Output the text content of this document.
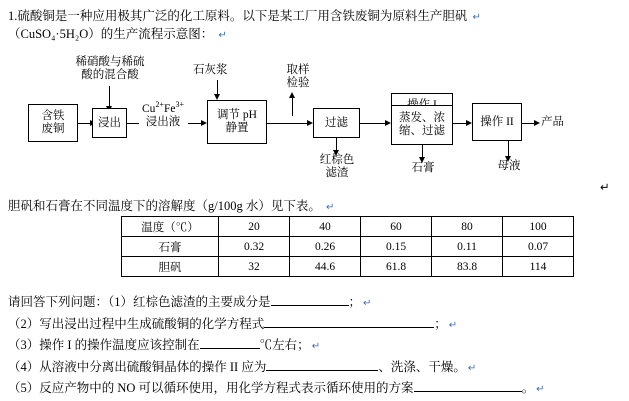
1.硫酸铜是一种应用极其广泛的化工原料。以下是某工厂用含铁废铜为原料生产胆矾 ↵
（CuSO₄·5H₂O）的生产流程示意图： ↵
稀硝酸与稀硫
酸的混合酸
含铁
废铜
浸出
$Cu^{2+}Fe^{3+}$
浸出液
石灰浆
调节 pH
静置
取样
检验
过滤
红棕色
滤渣
蒸发、浓
缩、过滤
石膏
操作 II 产品
母液
↵
胆矾和石膏在不同温度下的溶解度（g/100g 水）见下表。 ↵
温度（℃）	20	40	60	80	100
石膏	0.32	0.26	0.15	0.11	0.07
胆矾	32	44.6	61.8	83.8	114
请回答下列问题：（1）红棕色滤渣的主要成分是	； ↵
（2）写出浸出过程中生成硫酸铜的化学方程式	； ↵
（3）操作 I 的操作温度应该控制在	℃左右； ↵
（4）从溶液中分离出硫酸铜晶体的操作 II 应为	、洗涤、干燥。 ↵
（5）反应产物中的 NO 可以循环使用，用化学方程式表示循环使用的方案	。 ↵
